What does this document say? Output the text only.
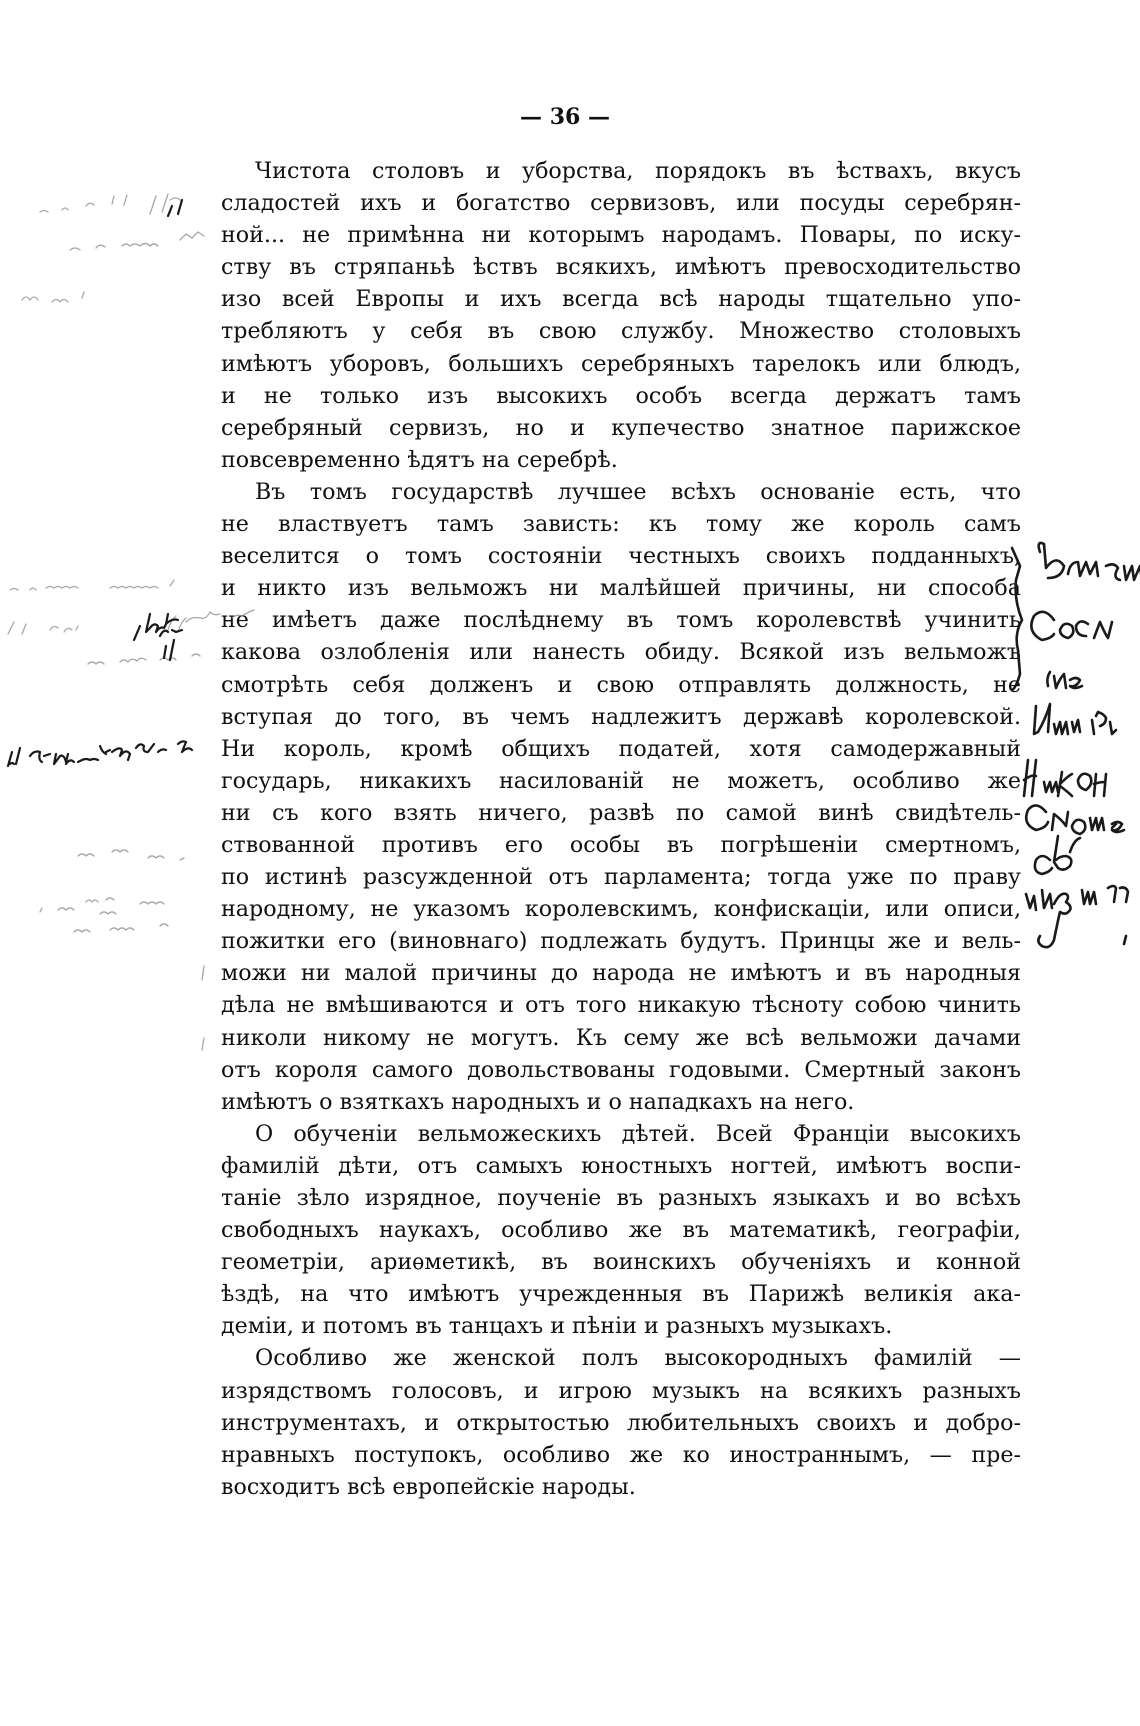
— 36 —
Чистота столовъ и уборства, порядокъ въ ѣствахъ, вкусъ
сладостей ихъ и богатство сервизовъ, или посуды серебрян-
ной... не примѣнна ни которымъ народамъ. Повары, по иску-
ству въ стряпаньѣ ѣствъ всякихъ, имѣютъ превосходительство
изо всей Европы и ихъ всегда всѣ народы тщательно упо-
требляютъ у себя въ свою службу. Множество столовыхъ
имѣютъ уборовъ, большихъ серебряныхъ тарелокъ или блюдъ,
и не только изъ высокихъ особъ всегда держатъ тамъ
серебряный сервизъ, но и купечество знатное парижское
повсевременно ѣдятъ на серебрѣ.
Въ томъ государствѣ лучшее всѣхъ основаніе есть, что
не властвуетъ тамъ зависть: къ тому же король самъ
веселится о томъ состояніи честныхъ своихъ подданныхъ,
и никто изъ вельможъ ни малѣйшей причины, ни способа
не имѣетъ даже послѣднему въ томъ королевствѣ учинить
какова озлобленія или нанесть обиду. Всякой изъ вельможъ
смотрѣть себя долженъ и свою отправлять должность, не
вступая до того, въ чемъ надлежитъ державѣ королевской.
Ни король, кромѣ общихъ податей, хотя самодержавный
государь, никакихъ насилованій не можетъ, особливо же
ни съ кого взять ничего, развѣ по самой винѣ свидѣтель-
ствованной противъ его особы въ погрѣшеніи смертномъ,
по истинѣ разсужденной отъ парламента; тогда уже по праву
народному, не указомъ королевскимъ, конфискаціи, или описи,
пожитки его (виновнаго) подлежать будутъ. Принцы же и вель-
можи ни малой причины до народа не имѣютъ и въ народныя
дѣла не вмѣшиваются и отъ того никакую тѣсноту собою чинить
николи никому не могутъ. Къ сему же всѣ вельможи дачами
отъ короля самого довольствованы годовыми. Смертный законъ
имѣютъ о взяткахъ народныхъ и о нападкахъ на него.
О обученіи вельможескихъ дѣтей. Всей Франціи высокихъ
фамилій дѣти, отъ самыхъ юностныхъ ногтей, имѣютъ воспи-
таніе зѣло изрядное, поученіе въ разныхъ языкахъ и во всѣхъ
свободныхъ наукахъ, особливо же въ математикѣ, географіи,
геометріи, ариѳметикѣ, въ воинскихъ обученіяхъ и конной
ѣздѣ, на что имѣютъ учрежденныя въ Парижѣ великія ака-
деміи, и потомъ въ танцахъ и пѣніи и разныхъ музыкахъ.
Особливо же женской полъ высокородныхъ фамилій —
изрядствомъ голосовъ, и игрою музыкъ на всякихъ разныхъ
инструментахъ, и открытостью любительныхъ своихъ и добро-
нравныхъ поступокъ, особливо же ко иностраннымъ, — пре-
восходитъ всѣ европейскіе народы.
